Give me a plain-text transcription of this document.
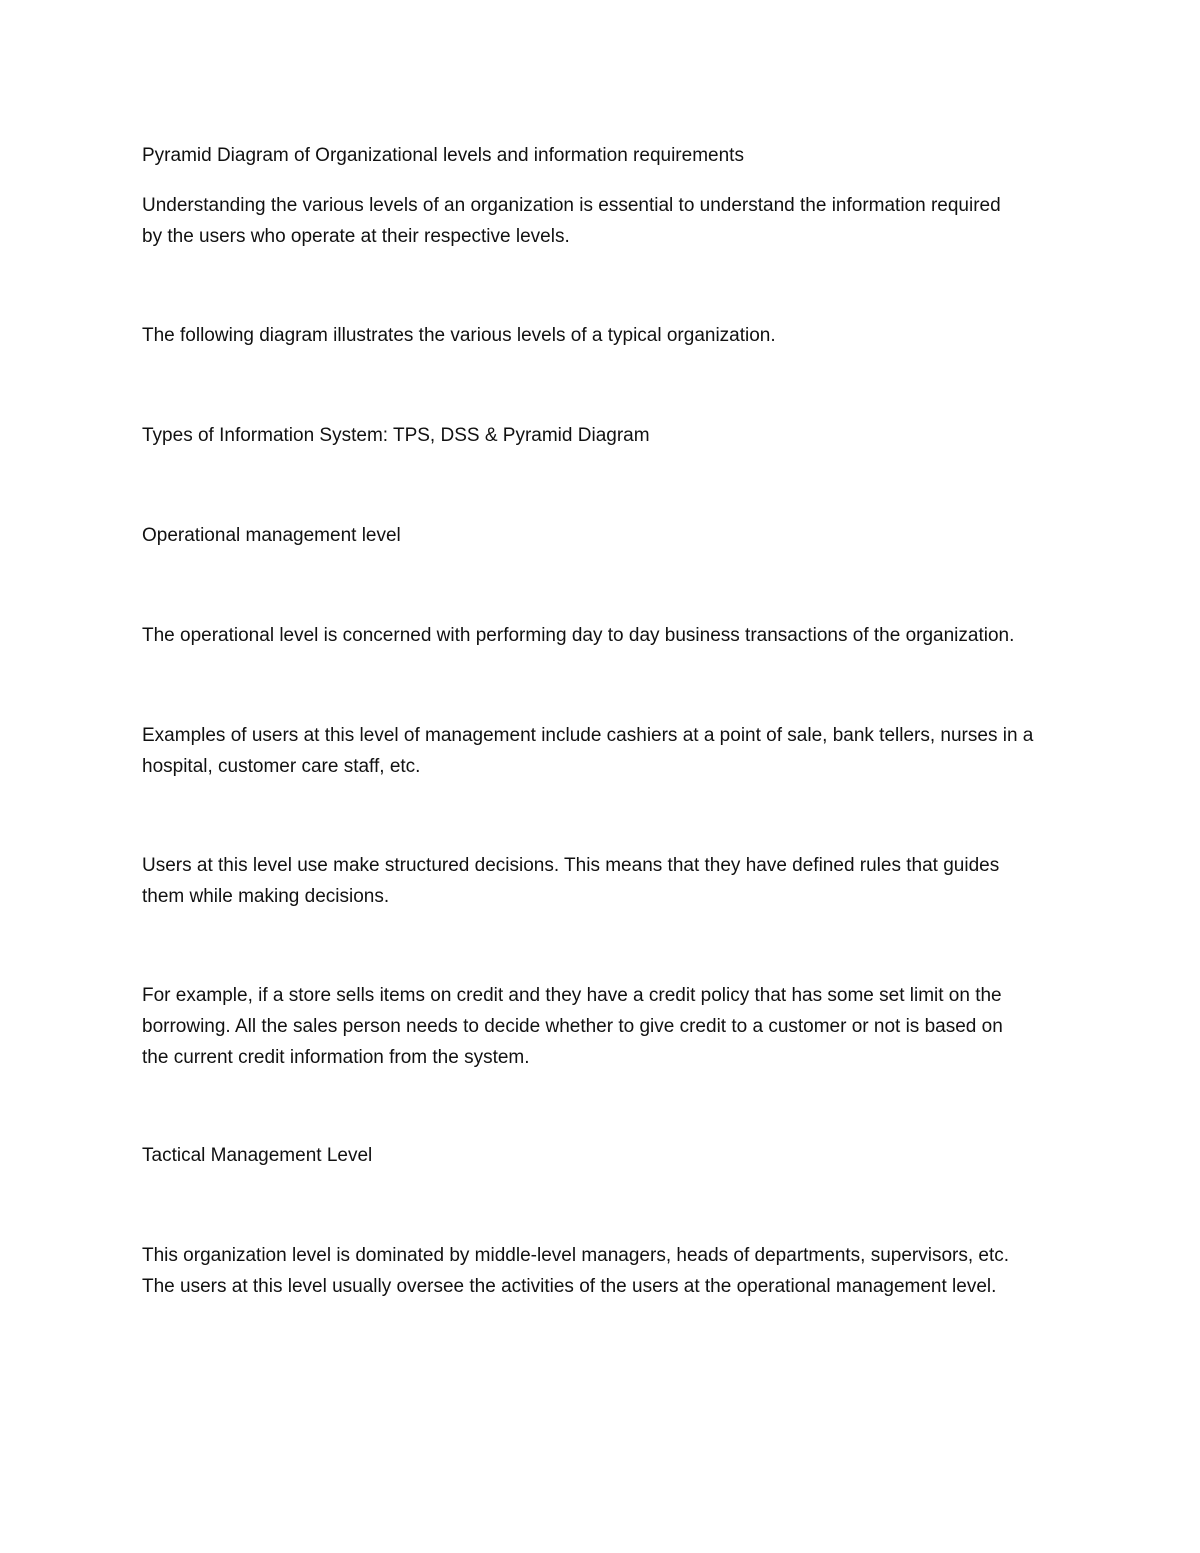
Pyramid Diagram of Organizational levels and information requirements

Understanding the various levels of an organization is essential to understand the information required
by the users who operate at their respective levels.

The following diagram illustrates the various levels of a typical organization.

Types of Information System: TPS, DSS & Pyramid Diagram

Operational management level

The operational level is concerned with performing day to day business transactions of the organization.

Examples of users at this level of management include cashiers at a point of sale, bank tellers, nurses in a
hospital, customer care staff, etc.

Users at this level use make structured decisions. This means that they have defined rules that guides
them while making decisions.

For example, if a store sells items on credit and they have a credit policy that has some set limit on the
borrowing. All the sales person needs to decide whether to give credit to a customer or not is based on
the current credit information from the system.

Tactical Management Level

This organization level is dominated by middle-level managers, heads of departments, supervisors, etc.
The users at this level usually oversee the activities of the users at the operational management level.
